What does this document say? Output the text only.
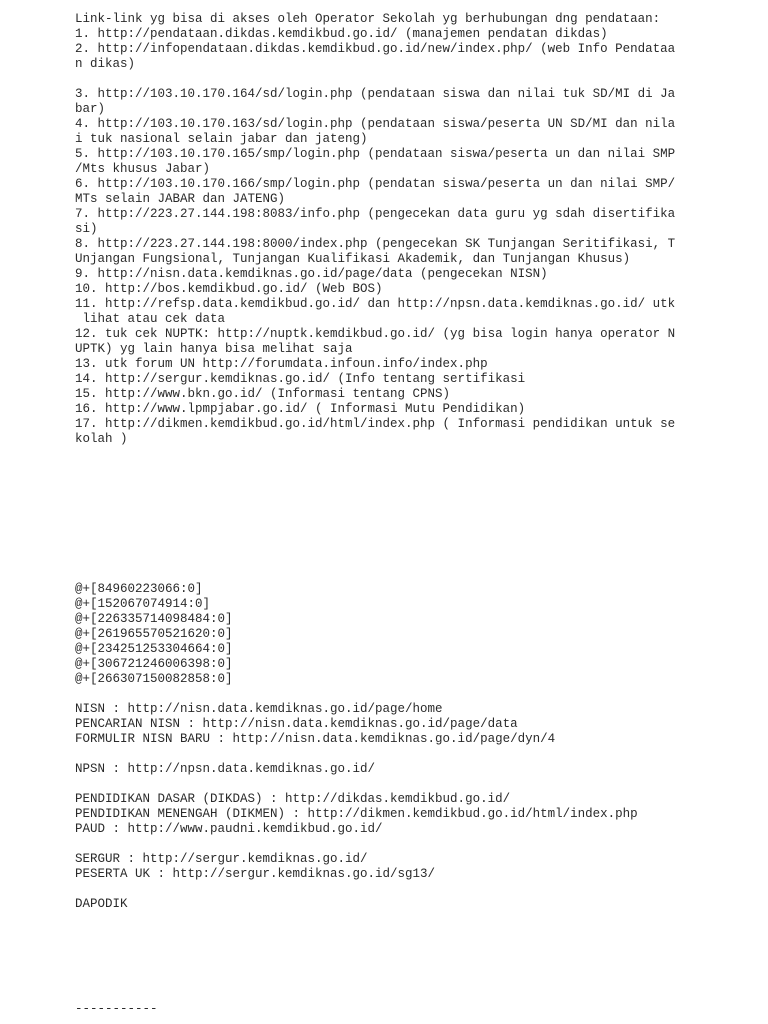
Link-link yg bisa di akses oleh Operator Sekolah yg berhubungan dng pendataan:
1. http://pendataan.dikdas.kemdikbud.go.id/ (manajemen pendatan dikdas)
2. http://infopendataan.dikdas.kemdikbud.go.id/new/index.php/ (web Info Pendataa
n dikas)
3. http://103.10.170.164/sd/login.php (pendataan siswa dan nilai tuk SD/MI di Ja
bar)
4. http://103.10.170.163/sd/login.php (pendataan siswa/peserta UN SD/MI dan nila
i tuk nasional selain jabar dan jateng)
5. http://103.10.170.165/smp/login.php (pendataan siswa/peserta un dan nilai SMP
/Mts khusus Jabar)
6. http://103.10.170.166/smp/login.php (pendatan siswa/peserta un dan nilai SMP/
MTs selain JABAR dan JATENG)
7. http://223.27.144.198:8083/info.php (pengecekan data guru yg sdah disertifika
si)
8. http://223.27.144.198:8000/index.php (pengecekan SK Tunjangan Seritifikasi, T
Unjangan Fungsional, Tunjangan Kualifikasi Akademik, dan Tunjangan Khusus)
9. http://nisn.data.kemdiknas.go.id/page/data (pengecekan NISN)
10. http://bos.kemdikbud.go.id/ (Web BOS)
11. http://refsp.data.kemdikbud.go.id/ dan http://npsn.data.kemdiknas.go.id/ utk
lihat atau cek data
12. tuk cek NUPTK: http://nuptk.kemdikbud.go.id/ (yg bisa login hanya operator N
UPTK) yg lain hanya bisa melihat saja
13. utk forum UN http://forumdata.infoun.info/index.php
14. http://sergur.kemdiknas.go.id/ (Info tentang sertifikasi
15. http://www.bkn.go.id/ (Informasi tentang CPNS)
16. http://www.lpmpjabar.go.id/ ( Informasi Mutu Pendidikan)
17. http://dikmen.kemdikbud.go.id/html/index.php ( Informasi pendidikan untuk se
kolah )
@+[84960223066:0]
@+[152067074914:0]
@+[226335714098484:0]
@+[261965570521620:0]
@+[234251253304664:0]
@+[306721246006398:0]
@+[266307150082858:0]
NISN : http://nisn.data.kemdiknas.go.id/page/home
PENCARIAN NISN : http://nisn.data.kemdiknas.go.id/page/data
FORMULIR NISN BARU : http://nisn.data.kemdiknas.go.id/page/dyn/4
NPSN : http://npsn.data.kemdiknas.go.id/
PENDIDIKAN DASAR (DIKDAS) : http://dikdas.kemdikbud.go.id/
PENDIDIKAN MENENGAH (DIKMEN) : http://dikmen.kemdikbud.go.id/html/index.php
PAUD : http://www.paudni.kemdikbud.go.id/
SERGUR : http://sergur.kemdiknas.go.id/
PESERTA UK : http://sergur.kemdiknas.go.id/sg13/
DAPODIK
-----------
